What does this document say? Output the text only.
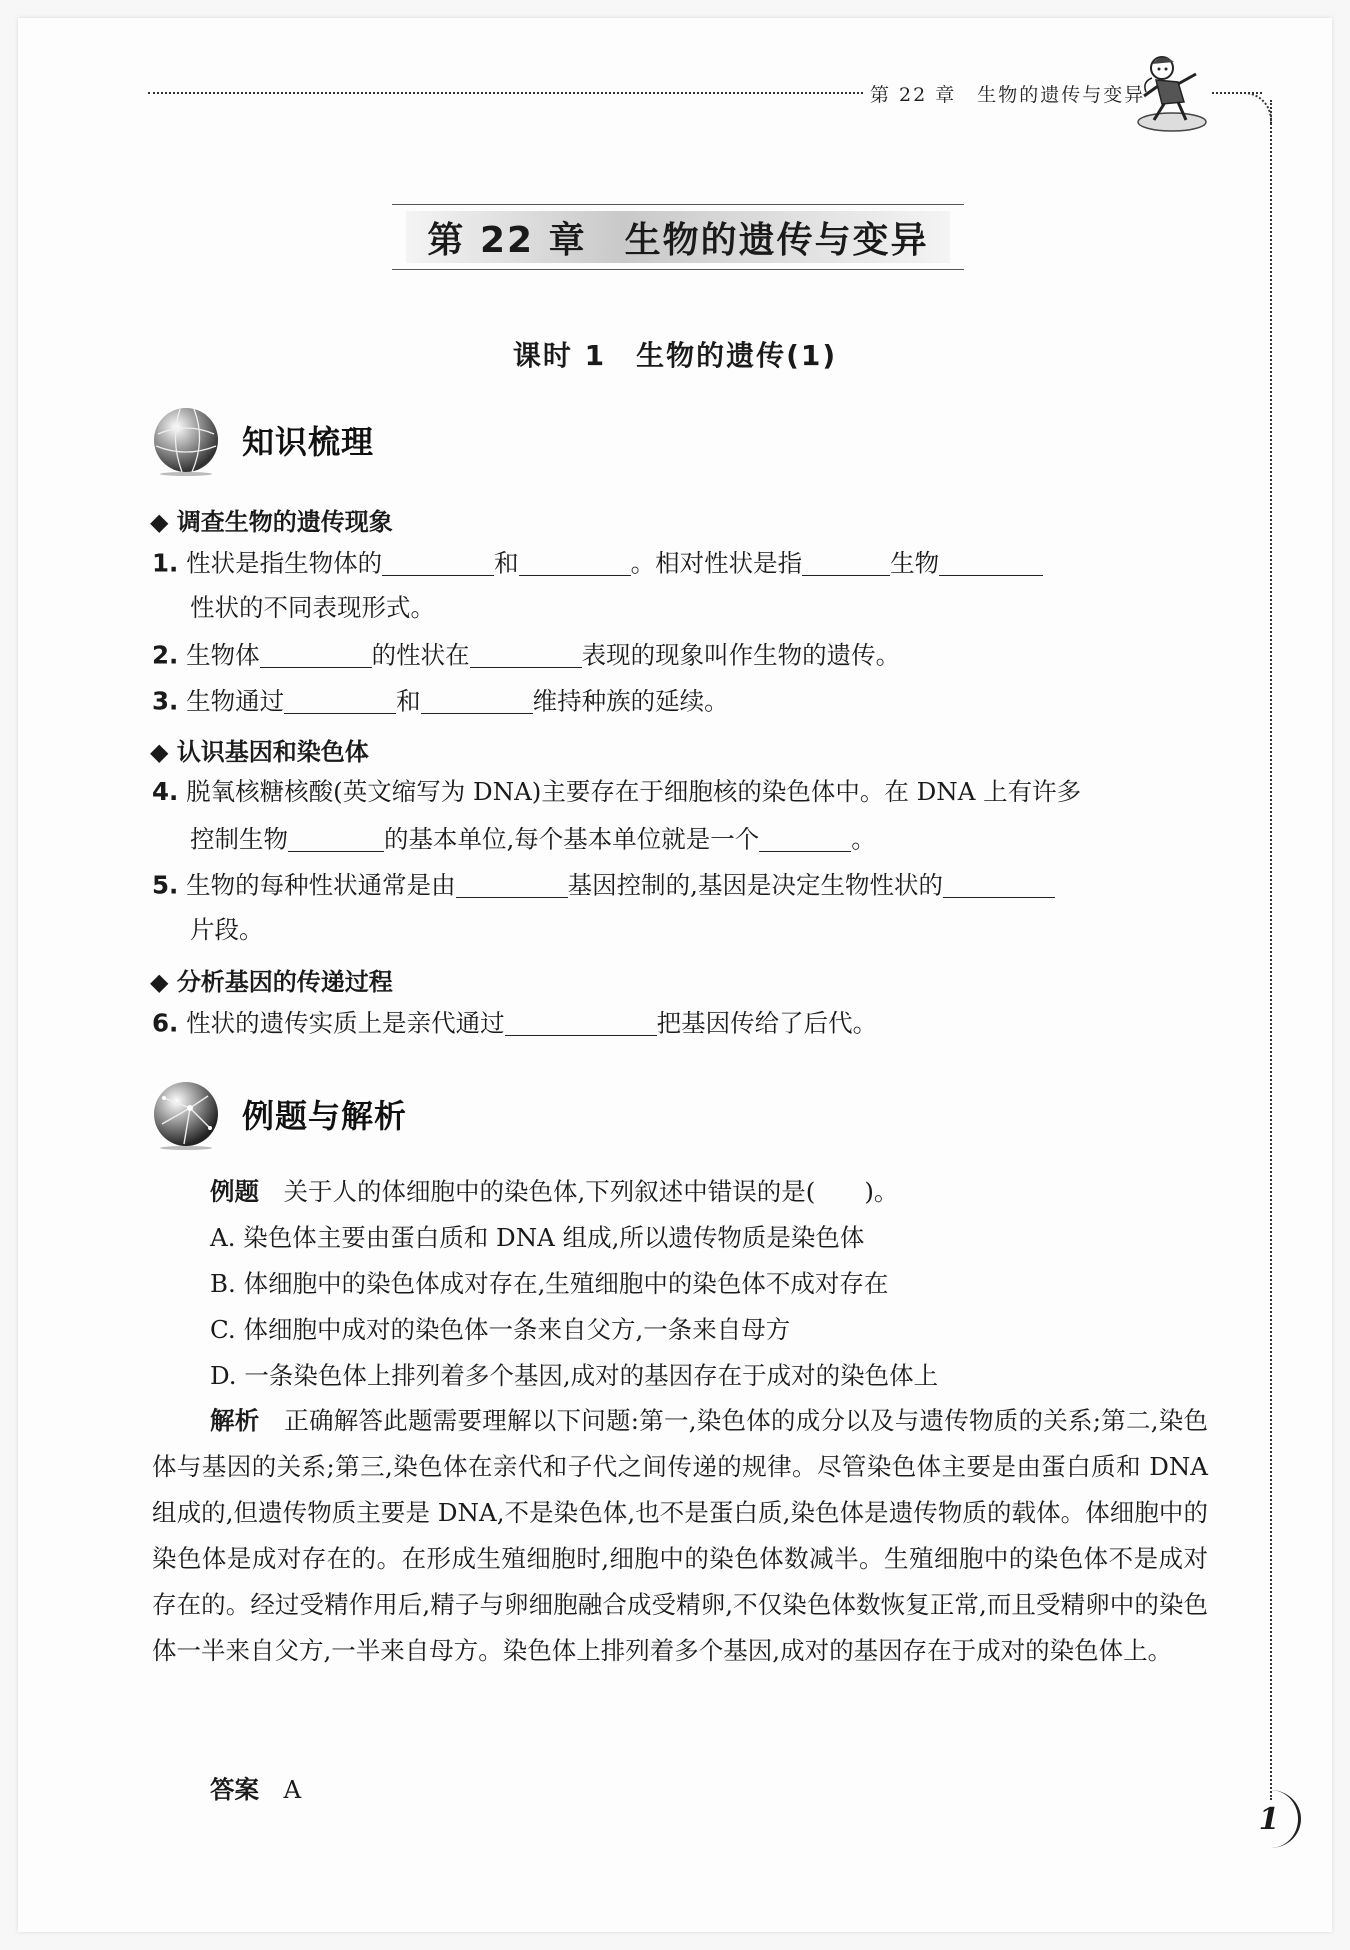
第 22 章　生物的遗传与变异
1
第 22 章　生物的遗传与变异
课时 1　生物的遗传(1)
知识梳理
◆ 调查生物的遗传现象
1. 性状是指生物体的	和	。相对性状是指	生物
性状的不同表现形式。
2. 生物体	的性状在	表现的现象叫作生物的遗传。
3. 生物通过	和	维持种族的延续。
◆ 认识基因和染色体
4. 脱氧核糖核酸(英文缩写为 DNA)主要存在于细胞核的染色体中。在 DNA 上有许多
控制生物	的基本单位,每个基本单位就是一个	。
5. 生物的每种性状通常是由	基因控制的,基因是决定生物性状的
片段。
◆ 分析基因的传递过程
6. 性状的遗传实质上是亲代通过	把基因传给了后代。
例题与解析
例题　 关于人的体细胞中的染色体,下列叙述中错误的是(　　)。
A. 染色体主要由蛋白质和 DNA 组成,所以遗传物质是染色体
B. 体细胞中的染色体成对存在,生殖细胞中的染色体不成对存在
C. 体细胞中成对的染色体一条来自父方,一条来自母方
D. 一条染色体上排列着多个基因,成对的基因存在于成对的染色体上
解析　 正确解答此题需要理解以下问题:第一,染色体的成分以及与遗传物质的关系;第二,染色体与基因的关系;第三,染色体在亲代和子代之间传递的规律。尽管染色体主要是由蛋白质和 DNA 组成的,但遗传物质主要是 DNA,不是染色体,也不是蛋白质,染色体是遗传物质的载体。体细胞中的染色体是成对存在的。在形成生殖细胞时,细胞中的染色体数减半。生殖细胞中的染色体不是成对存在的。经过受精作用后,精子与卵细胞融合成受精卵,不仅染色体数恢复正常,而且受精卵中的染色体一半来自父方,一半来自母方。染色体上排列着多个基因,成对的基因存在于成对的染色体上。
答案　 A
